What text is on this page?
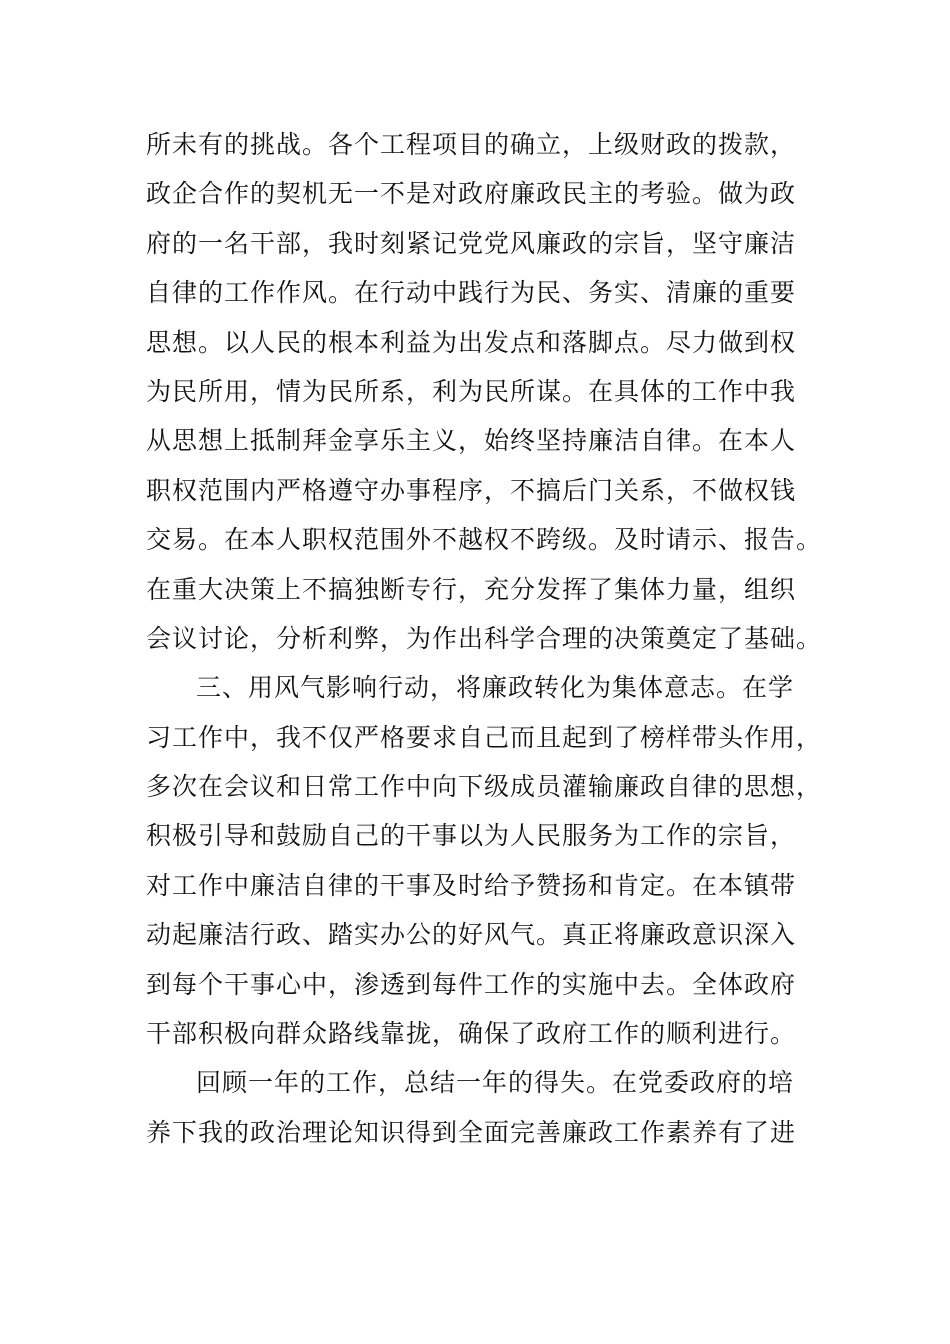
所未有的挑战。各个工程项目的确立，上级财政的拨款，
政企合作的契机无一不是对政府廉政民主的考验。做为政
府的一名干部，我时刻紧记党党风廉政的宗旨，坚守廉洁
自律的工作作风。在行动中践行为民、务实、清廉的重要
思想。以人民的根本利益为出发点和落脚点。尽力做到权
为民所用，情为民所系，利为民所谋。在具体的工作中我
从思想上抵制拜金享乐主义，始终坚持廉洁自律。在本人
职权范围内严格遵守办事程序，不搞后门关系，不做权钱
交易。在本人职权范围外不越权不跨级。及时请示、报告。
在重大决策上不搞独断专行，充分发挥了集体力量，组织
会议讨论，分析利弊，为作出科学合理的决策奠定了基础。
三、用风气影响行动，将廉政转化为集体意志。在学
习工作中，我不仅严格要求自己而且起到了榜样带头作用，
多次在会议和日常工作中向下级成员灌输廉政自律的思想，
积极引导和鼓励自己的干事以为人民服务为工作的宗旨，
对工作中廉洁自律的干事及时给予赞扬和肯定。在本镇带
动起廉洁行政、踏实办公的好风气。真正将廉政意识深入
到每个干事心中，渗透到每件工作的实施中去。全体政府
干部积极向群众路线靠拢，确保了政府工作的顺利进行。
回顾一年的工作，总结一年的得失。在党委政府的培
养下我的政治理论知识得到全面完善廉政工作素养有了进
